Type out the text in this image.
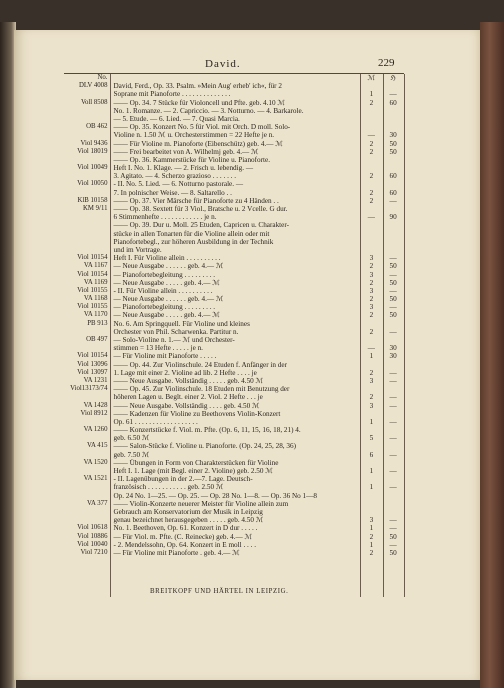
David.	229
No.	ℳ	ℌ
DLV 4008 David, Ferd., Op. 33. Psalm. »Mein Aug' erheb' ich«, für 2
Soprane mit Pianoforte . . . . . . . . . . . . . .	1	—
Voll 8508 —— Op. 34. 7 Stücke für Violoncell und Pfte. geb. 4.10 ℳ	2	60
No. 1. Romanze. — 2. Capriccio. — 3. Notturno. — 4. Barkarole.
— 5. Etude. — 6. Lied. — 7. Quasi Marcia.
OB 462 —— Op. 35. Konzert No. 5 für Viol. mit Orch. D moll. Solo-
Violine n. 1.50 ℳ u. Orchesterstimmen = 22 Hefte je n.	—	30
Viol 9436 —— Für Violine m. Pianoforte (Eibenschütz) geb. 4.— ℳ	2	50
Viol 18019 —— Frei bearbeitet von A. Wilhelmj geb. 4.— ℳ	2	50
—— Op. 36. Kammerstücke für Violine u. Pianoforte.
Viol 10049 Heft I. No. 1. Klage. — 2. Frisch u. lebendig. —
3. Agitato. — 4. Scherzo grazioso . . . . . . .	2	60
Viol 10050 - II. No. 5. Lied. — 6. Notturno pastorale. —
7. In polnischer Weise. — 8. Saltarello . .	2	60
KlB 10158 —— Op. 37. Vier Märsche für Pianoforte zu 4 Händen . .	2	—
KM 9/11 —— Op. 38. Sextett für 3 Viol., Bratsche u. 2 Vcelle. G dur.
6 Stimmenhefte . . . . . . . . . . . . je n.	—	90
—— Op. 39. Dur u. Moll. 25 Etuden, Capricen u. Charakter-
stücke in allen Tonarten für die Violine allein oder mit
Pianofortebegl., zur höheren Ausbildung in der Technik
und im Vortrage.
Viol 10154 Heft I. Für Violine allein . . . . . . . . . .	3	—
VA 1167 — Neue Ausgabe . . . . . . geb. 4.— ℳ	2	50
Viol 10154 — Pianofortebegleitung . . . . . . . . .	3	—
VA 1169 — Neue Ausgabe . . . . . geb. 4.— ℳ	2	50
Viol 10155 - II. Für Violine allein . . . . . . . . . .	3	—
VA 1168 — Neue Ausgabe . . . . . . geb. 4.— ℳ	2	50
Viol 10155 — Pianofortebegleitung . . . . . . . . .	3	—
VA 1170 — Neue Ausgabe . . . . . geb. 4.— ℳ	2	50
PB 913 No. 6. Am Springquell. Für Violine und kleines
Orchester von Phil. Scharwenka. Partitur n.	2	—
OB 497 — Solo-Violine n. 1.— ℳ und Orchester-
stimmen = 13 Hefte . . . . . je n.	—	30
Viol 10154 — Für Violine mit Pianoforte . . . . .	1	30
Viol 13096 —— Op. 44. Zur Violinschule. 24 Etuden f. Anfänger in der
Viol 13097 1. Lage mit einer 2. Violine ad lib. 2 Hefte . . . . je	2	—
VA 1231 —— Neue Ausgabe. Vollständig . . . . . geb. 4.50 ℳ	3	—
Viol13173/74 —— Op. 45. Zur Violinschule. 18 Etuden mit Benutzung der
höheren Lagen u. Beglt. einer 2. Viol. 2 Hefte . . . je	2	—
VA 1428 —— Neue Ausgabe. Vollständig . . . . geb. 4.50 ℳ	3	—
Viol 8912 —— Kadenzen für Violine zu Beethovens Violin-Konzert
Op. 61 . . . . . . . . . . . . . . . . . .	1	—
VA 1260 —— Konzertstücke f. Viol. m. Pfte. (Op. 6, 11, 15, 16, 18, 21) 4.
geb. 6.50 ℳ	5	—
VA 415 —— Salon-Stücke f. Violine u. Pianoforte. (Op. 24, 25, 28, 36)
geb. 7.50 ℳ	6	—
VA 1520 —— Übungen in Form von Charakterstücken für Violine
Heft I. 1. Lage (mit Begl. einer 2. Violine) geb. 2.50 ℳ	1	—
VA 1521 - II. Lagenübungen in der 2.—7. Lage. Deutsch-
französisch . . . . . . . . . . . geb. 2.50 ℳ	1	—
Op. 24 No. 1—25. — Op. 25. — Op. 28 No. 1—8. — Op. 36 No 1—8
VA 377 —— Violin-Konzerte neuerer Meister für Violine allein zum
Gebrauch am Konservatorium der Musik in Leipzig
genau bezeichnet herausgegeben . . . . . geb. 4.50 ℳ	3	—
Viol 10618 No. 1. Beethoven, Op. 61. Konzert in D dur . . . . .	1	—
Viol 10886 — Für Viol. m. Pfte. (C. Reinecke) geb. 4.— ℳ	2	50
Viol 10040 - 2. Mendelssohn, Op. 64. Konzert in E moll . . . .	1	—
Viol 7210 — Für Violine mit Pianoforte . geb. 4.— ℳ	2	50
BREITKOPF UND HÄRTEL IN LEIPZIG.
